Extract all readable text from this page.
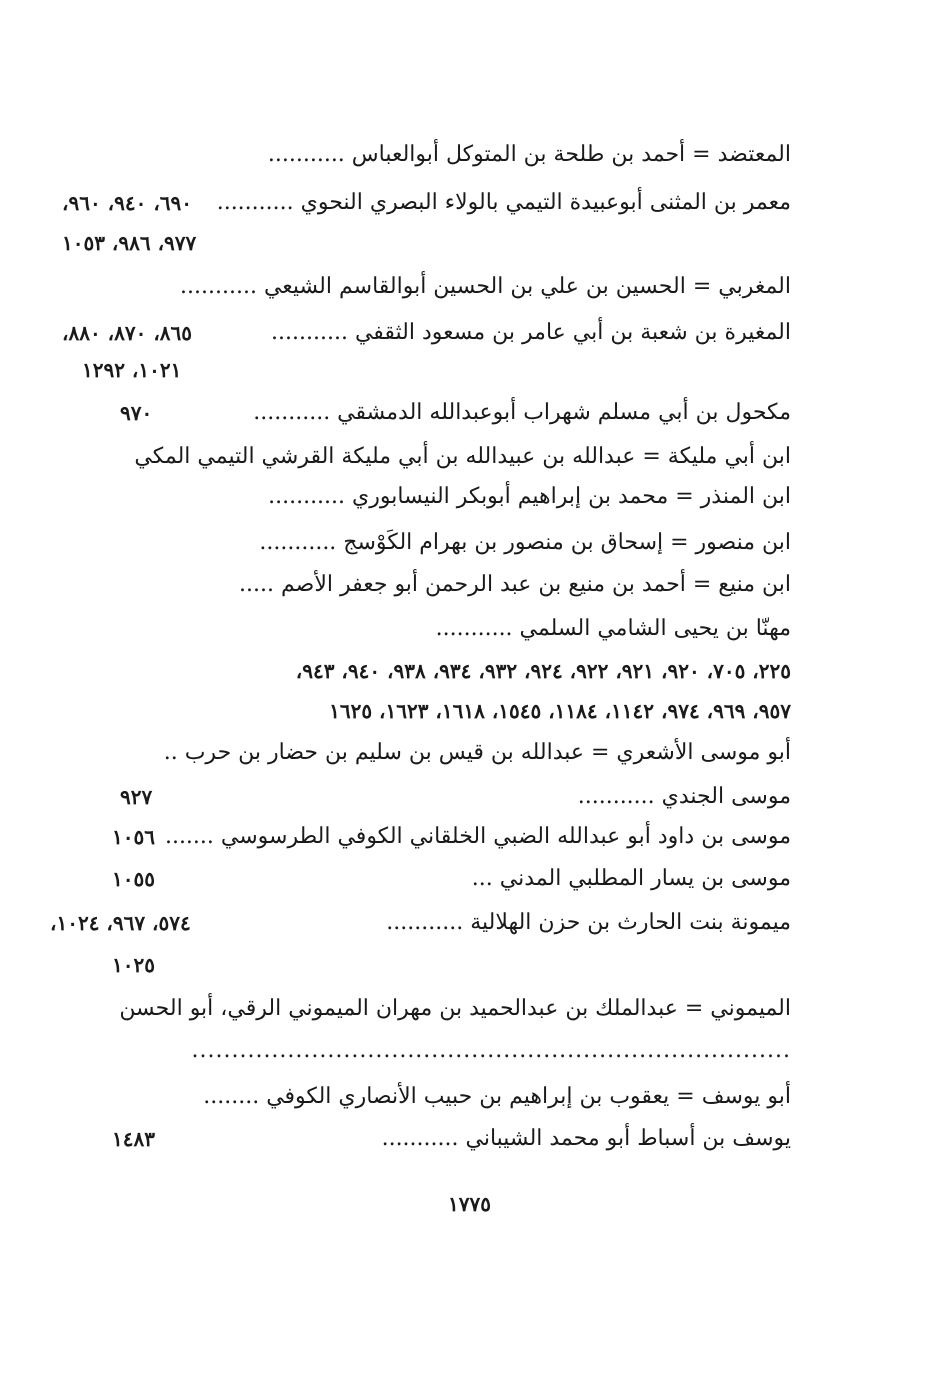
المعتضد = أحمد بن طلحة بن المتوكل أبوالعباس ...........
معمر بن المثنى أبوعبيدة التيمي بالولاء البصري النحوي ...........
٦٩٠، ٩٤٠، ٩٦٠،
٩٧٧، ٩٨٦، ١٠٥٣
المغربي = الحسين بن علي بن الحسين أبوالقاسم الشيعي ...........
المغيرة بن شعبة بن أبي عامر بن مسعود الثقفي ...........
٨٦٥، ٨٧٠، ٨٨٠،
١٠٢١، ١٢٩٢
مكحول بن أبي مسلم شهراب أبوعبدالله الدمشقي ...........
٩٧٠
ابن أبي مليكة = عبدالله بن عبيدالله بن أبي مليكة القرشي التيمي المكي
ابن المنذر = محمد بن إبراهيم أبوبكر النيسابوري ...........
ابن منصور = إسحاق بن منصور بن بهرام الكَوْسج ...........
ابن منيع = أحمد بن منيع بن عبد الرحمن أبو جعفر الأصم .....
مهنّا بن يحيى الشامي السلمي ...........
٢٢٥، ٧٠٥، ٩٢٠، ٩٢١، ٩٢٢، ٩٢٤، ٩٣٢، ٩٣٤، ٩٣٨، ٩٤٠، ٩٤٣،
٩٥٧، ٩٦٩، ٩٧٤، ١١٤٢، ١١٨٤، ١٥٤٥، ١٦١٨، ١٦٢٣، ١٦٢٥
أبو موسى الأشعري = عبدالله بن قيس بن سليم بن حضار بن حرب ..
موسى الجندي ...........
٩٢٧
موسى بن داود أبو عبدالله الضبي الخلقاني الكوفي الطرسوسي .......
١٠٥٦
موسى بن يسار المطلبي المدني ...
١٠٥٥
ميمونة بنت الحارث بن حزن الهلالية ...........
٥٧٤، ٩٦٧، ١٠٢٤،
١٠٢٥
الميموني = عبدالملك بن عبدالحميد بن مهران الميموني الرقي، أبو الحسن
...........................................................................
أبو يوسف = يعقوب بن إبراهيم بن حبيب الأنصاري الكوفي ........
يوسف بن أسباط أبو محمد الشيباني ...........
١٤٨٣
١٧٧٥
